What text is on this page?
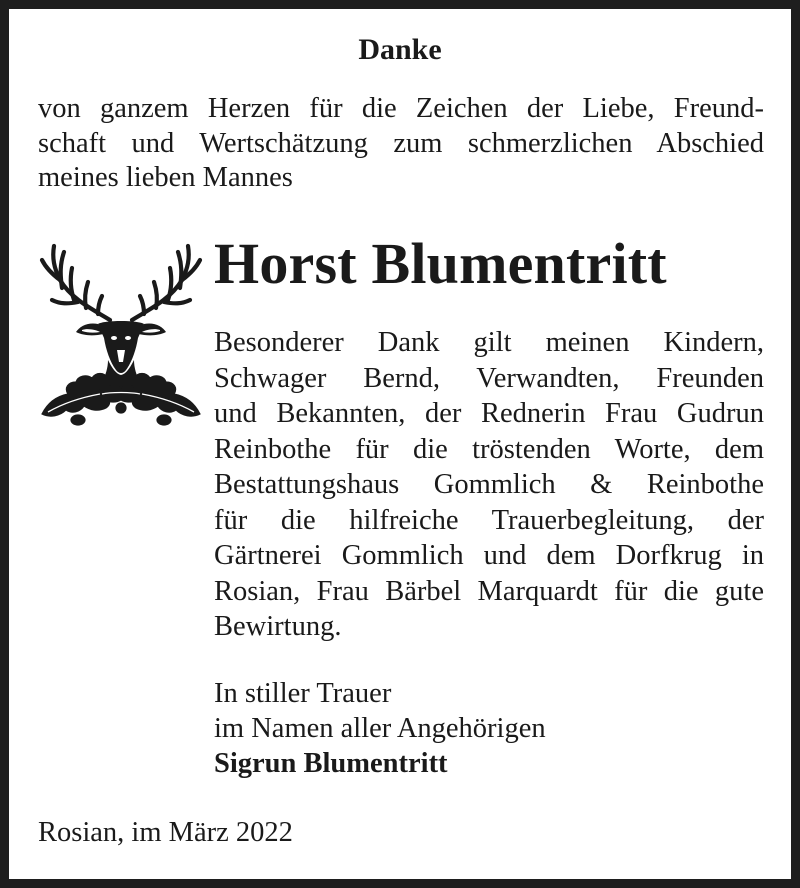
Danke

von ganzem Herzen für die Zeichen der Liebe, Freund-
schaft und Wertschätzung zum schmerzlichen Abschied
meines lieben Mannes

Horst Blumentritt

Besonderer Dank gilt meinen Kindern,
Schwager Bernd, Verwandten, Freunden
und Bekannten, der Rednerin Frau Gudrun
Reinbothe für die tröstenden Worte, dem
Bestattungshaus Gommlich & Reinbothe
für die hilfreiche Trauerbegleitung, der
Gärtnerei Gommlich und dem Dorfkrug in
Rosian, Frau Bärbel Marquardt für die gute
Bewirtung.

In stiller Trauer
im Namen aller Angehörigen
Sigrun Blumentritt

Rosian, im März 2022
